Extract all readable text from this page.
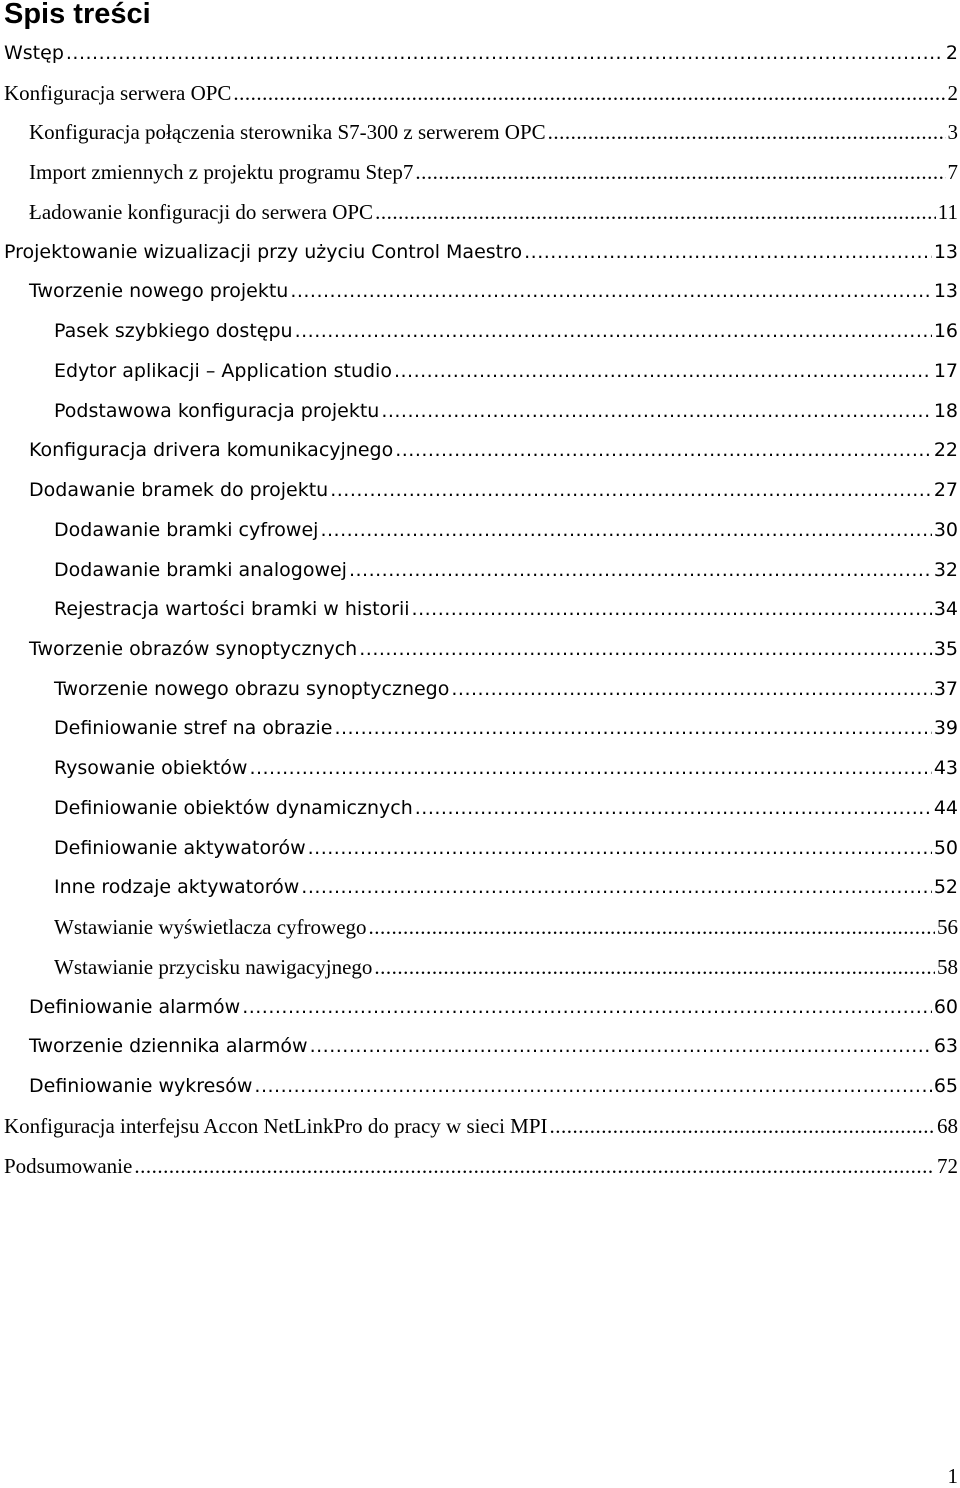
Spis treści
Wstęp .....	2
Konfiguracja serwera OPC .....	2
Konfiguracja połączenia sterownika S7-300 z serwerem OPC .....	3
Import zmiennych z projektu programu Step7 .....	7
Ładowanie konfiguracji do serwera OPC .....	11
Projektowanie wizualizacji przy użyciu Control Maestro .....	13
Tworzenie nowego projektu .....	13
Pasek szybkiego dostępu .....	16
Edytor aplikacji – Application studio .....	17
Podstawowa konfiguracja projektu .....	18
Konfiguracja drivera komunikacyjnego .....	22
Dodawanie bramek do projektu .....	27
Dodawanie bramki cyfrowej .....	30
Dodawanie bramki analogowej .....	32
Rejestracja wartości bramki w historii .....	34
Tworzenie obrazów synoptycznych .....	35
Tworzenie nowego obrazu synoptycznego .....	37
Definiowanie stref na obrazie .....	39
Rysowanie obiektów .....	43
Definiowanie obiektów dynamicznych .....	44
Definiowanie aktywatorów .....	50
Inne rodzaje aktywatorów .....	52
Wstawianie wyświetlacza cyfrowego .....	56
Wstawianie przycisku nawigacyjnego .....	58
Definiowanie alarmów .....	60
Tworzenie dziennika alarmów .....	63
Definiowanie wykresów .....	65
Konfiguracja interfejsu Accon NetLinkPro do pracy w sieci MPI .....	68
Podsumowanie .....	72
1
